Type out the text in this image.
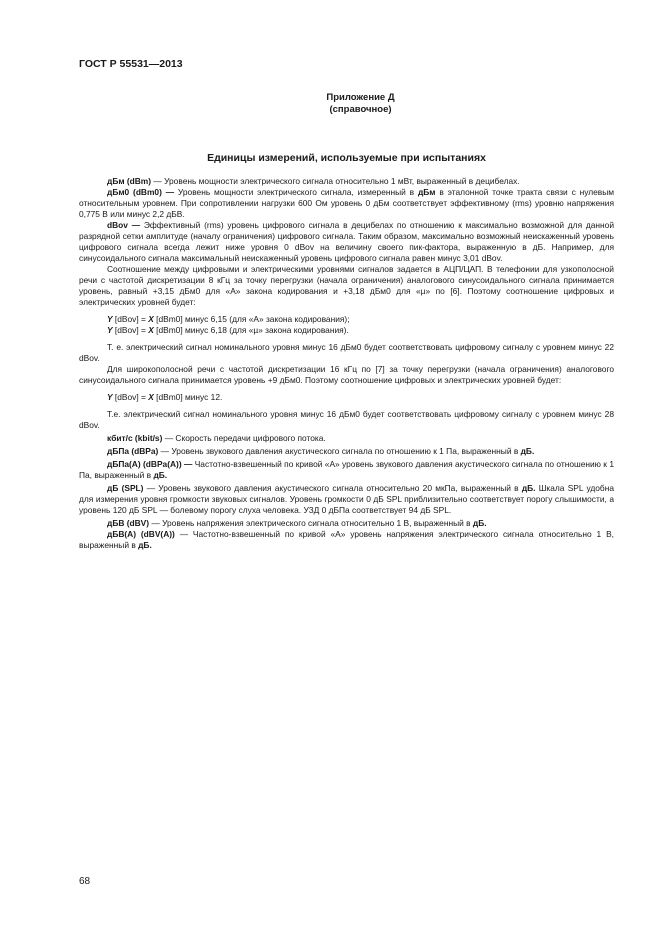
ГОСТ Р 55531—2013
Приложение Д
(справочное)
Единицы измерений, используемые при испытаниях

дБм (dBm) — Уровень мощности электрического сигнала относительно 1 мВт, выраженный в децибелах.

дБм0 (dBm0) — Уровень мощности электрического сигнала, измеренный в дБм в эталонной точке тракта связи с нулевым относительным уровнем. При сопротивлении нагрузки 600 Ом уровень 0 дБм соответствует эффективному (rms) уровню напряжения 0,775 В или минус 2,2 дБВ.

dBov — Эффективный (rms) уровень цифрового сигнала в децибелах по отношению к максимально возможной для данной разрядной сетки амплитуде (началу ограничения) цифрового сигнала. Таким образом, максимально возможный неискаженный уровень цифрового сигнала всегда лежит ниже уровня 0 dBov на величину своего пик-фактора, выраженную в дБ. Например, для синусоидального сигнала максимальный неискаженный уровень цифрового сигнала равен минус 3,01 dBov.

Соотношение между цифровыми и электрическими уровнями сигналов задается в АЦП/ЦАП. В телефонии для узкополосной речи с частотой дискретизации 8 кГц за точку перегрузки (начала ограничения) аналогового синусоидального сигнала принимается уровень, равный +3,15 дБм0 для «A» закона кодирования и +3,18 дБм0 для «µ» по [6]. Поэтому соотношение цифровых и электрических уровней будет:

Y [dBov] = X [dBm0] минус 6,15 (для «A» закона кодирования);

Y [dBov] = X [dBm0] минус 6,18 (для «µ» закона кодирования).

Т. е. электрический сигнал номинального уровня минус 16 дБм0 будет соответствовать цифровому сигналу с уровнем минус 22 dBov.

Для широкополосной речи с частотой дискретизации 16 кГц по [7] за точку перегрузки (начала ограничения) аналогового синусоидального сигнала принимается уровень +9 дБм0. Поэтому соотношение цифровых и электрических уровней будет:

Y [dBov] = X [dBm0] минус 12.

Т.е. электрический сигнал номинального уровня минус 16 дБм0 будет соответствовать цифровому сигналу с уровнем минус 28 dBov.

кбит/с (kbit/s) — Скорость передачи цифрового потока.

дБПа (dBPa) — Уровень звукового давления акустического сигнала по отношению к 1 Па, выраженный в дБ.

дБПа(А) (dBPa(A)) — Частотно-взвешенный по кривой «А» уровень звукового давления акустического сигнала по отношению к 1 Па, выраженный в дБ.

дБ (SPL) — Уровень звукового давления акустического сигнала относительно 20 мкПа, выраженный в дБ. Шкала SPL удобна для измерения уровня громкости звуковых сигналов. Уровень громкости 0 дБ SPL приблизительно соответствует порогу слышимости, а уровень 120 дБ SPL — болевому порогу слуха человека. УЗД 0 дБПа соответствует 94 дБ SPL.

дБВ (dBV) — Уровень напряжения электрического сигнала относительно 1 В, выраженный в дБ.

дБВ(А) (dBV(A)) — Частотно-взвешенный по кривой «А» уровень напряжения электрического сигнала относительно 1 В, выраженный в дБ.

68
